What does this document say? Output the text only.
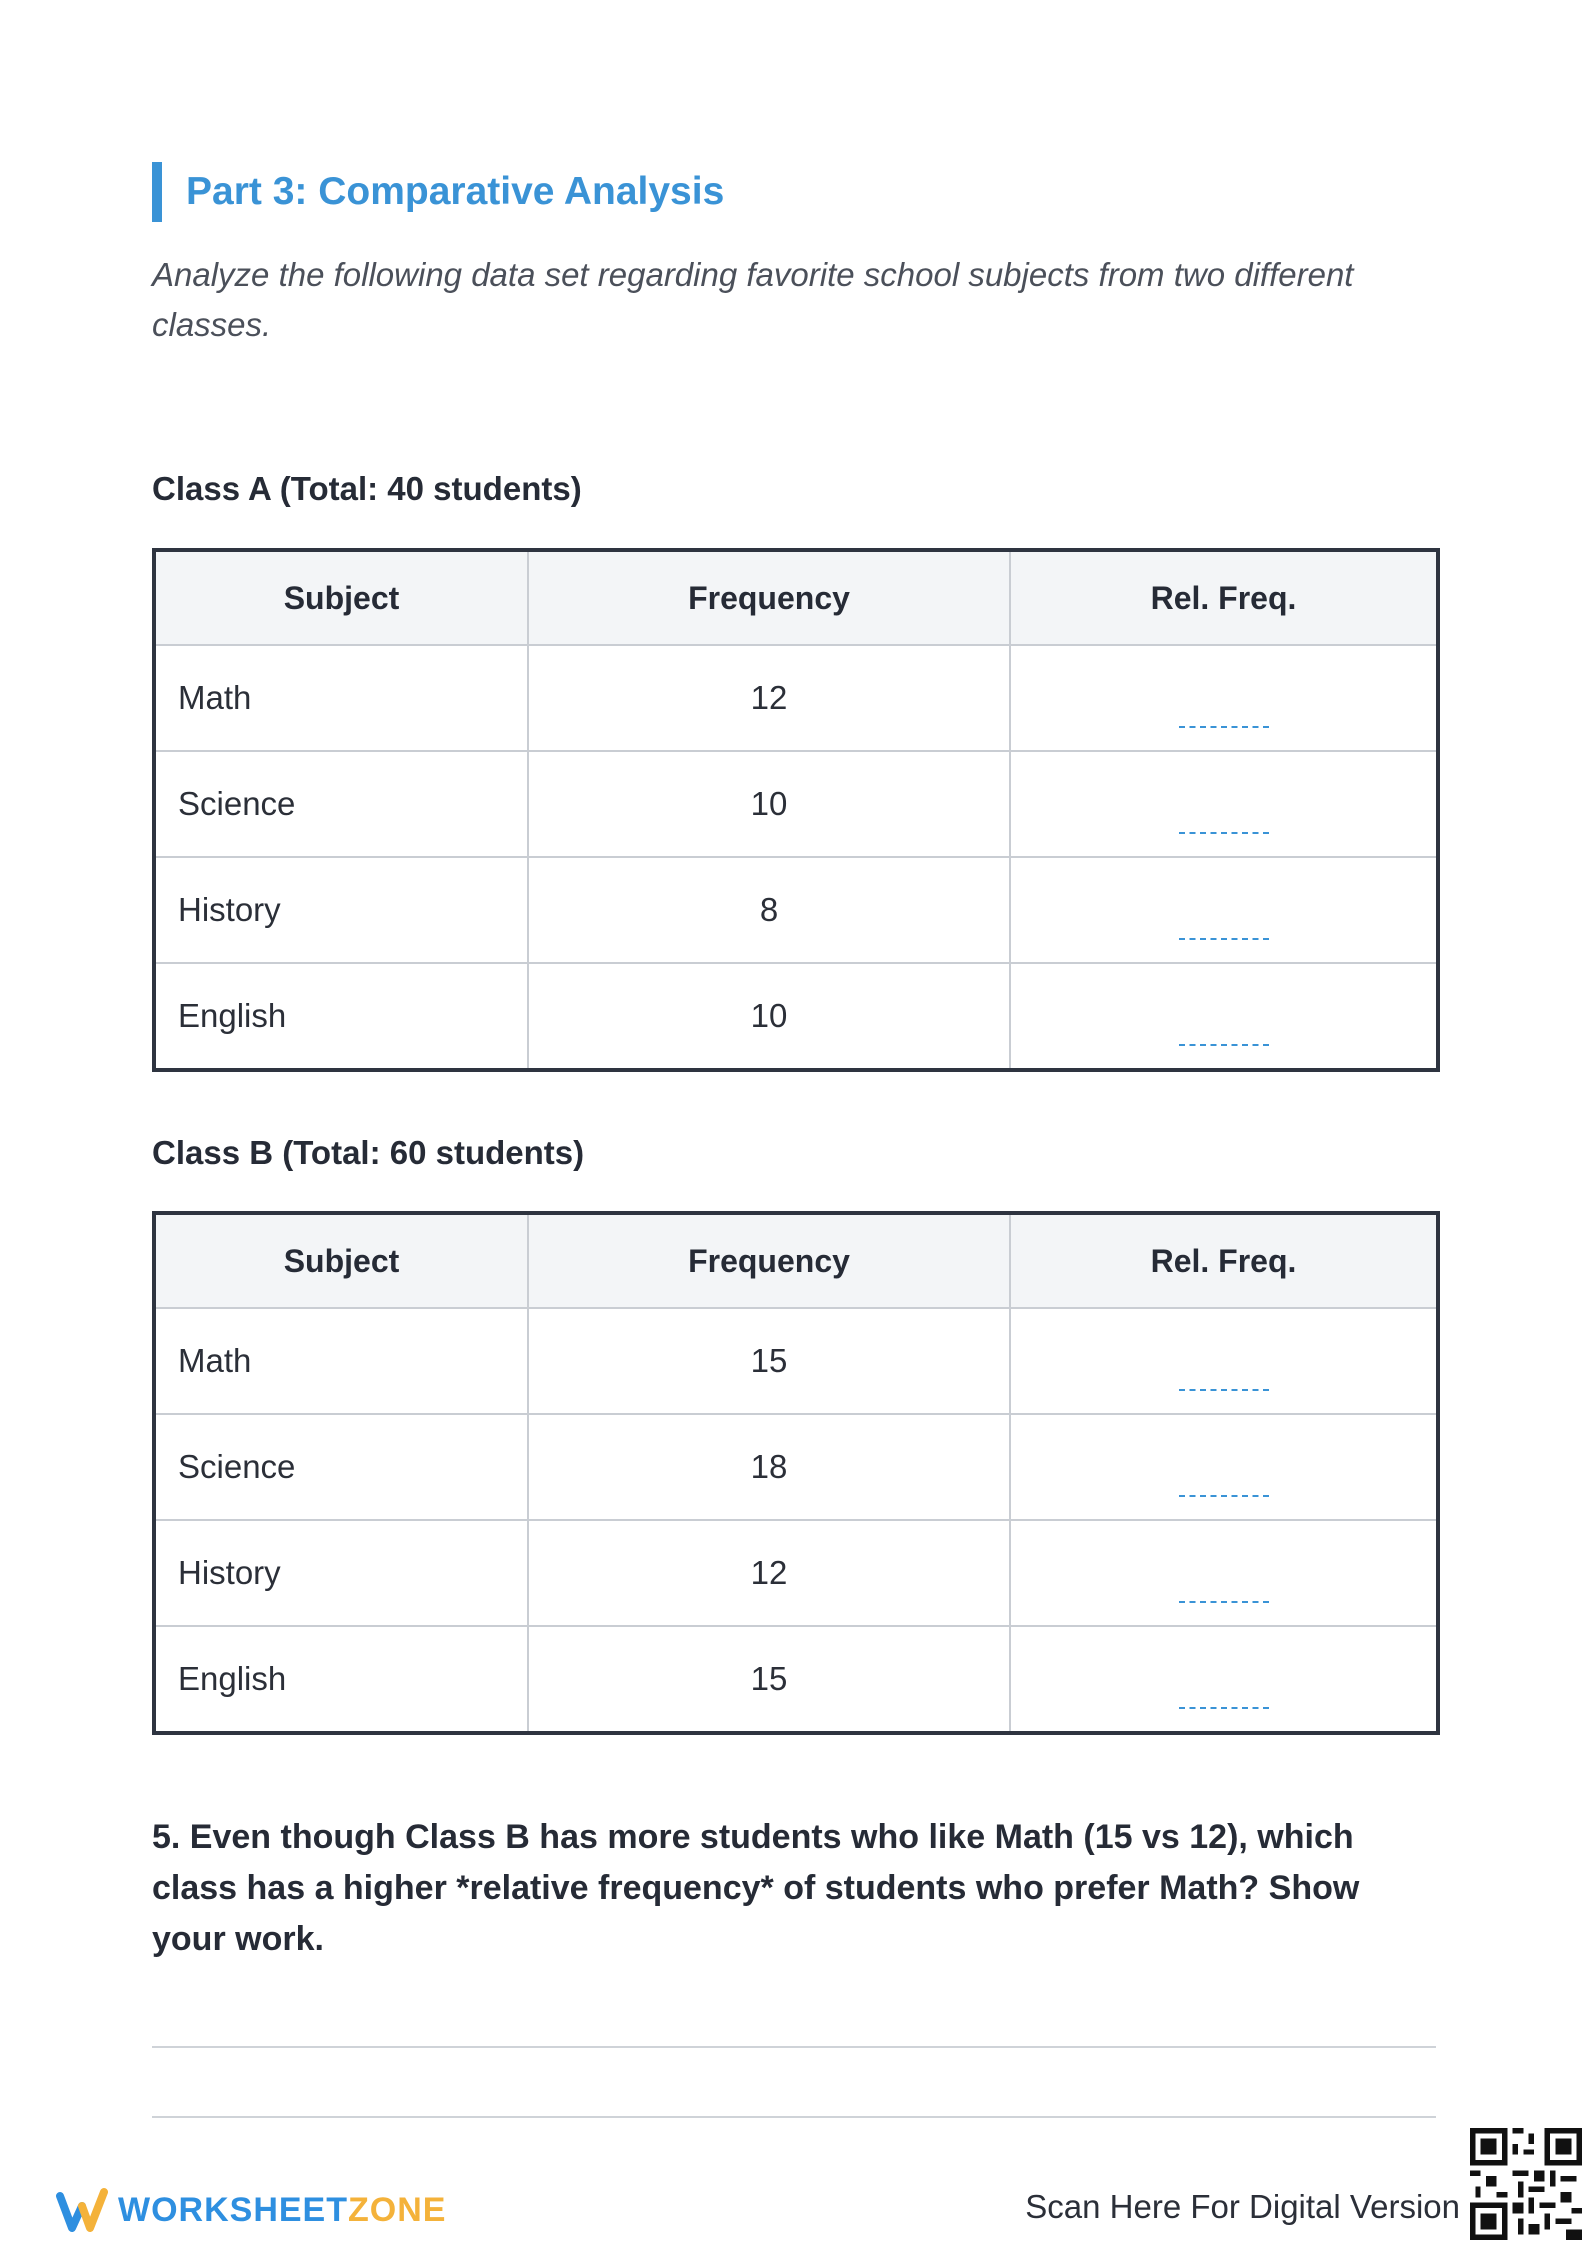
Part 3: Comparative Analysis
Analyze the following data set regarding favorite school subjects from two different classes.
Class A (Total: 40 students)
Subject	Frequency	Rel. Freq.
Math	12	
Science	10	
History	8	
English	10	
Class B (Total: 60 students)
Subject	Frequency	Rel. Freq.
Math	15	
Science	18	
History	12	
English	15	
5. Even though Class B has more students who like Math (15 vs 12), which class has a higher *relative frequency* of students who prefer Math? Show your work.
WORKSHEETZONE	Scan Here For Digital Version
